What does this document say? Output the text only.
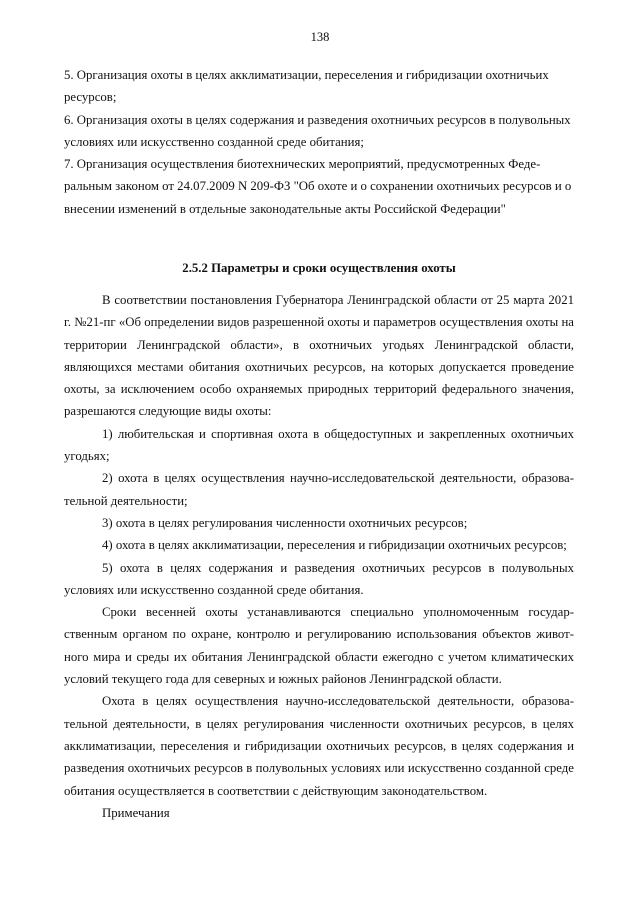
138

5. Организация охоты в целях акклиматизации, переселения и гибридизации охотничьих ресурсов;

6. Организация охоты в целях содержания и разведения охотничьих ресурсов в полувольных условиях или искусственно созданной среде обитания;

7. Организация осуществления биотехнических мероприятий, предусмотренных Федеральным законом от 24.07.2009 N 209-ФЗ "Об охоте и о сохранении охотничьих ресурсов и о внесении изменений в отдельные законодательные акты Российской Федерации"

2.5.2 Параметры и сроки осуществления охоты

В соответствии постановления Губернатора Ленинградской области от 25 марта 2021 г. №21-пг «Об определении видов разрешенной охоты и параметров осуществления охоты на территории Ленинградской области», в охотничьих угодьях Ленинградской области, являющихся местами обитания охотничьих ресурсов, на которых допускается проведение охоты, за исключением особо охраняемых природных территорий федерального значения, разрешаются следующие виды охоты:

1) любительская и спортивная охота в общедоступных и закрепленных охотничьих угодьях;

2) охота в целях осуществления научно-исследовательской деятельности, образовательной деятельности;

3) охота в целях регулирования численности охотничьих ресурсов;

4) охота в целях акклиматизации, переселения и гибридизации охотничьих ресурсов;

5) охота в целях содержания и разведения охотничьих ресурсов в полувольных условиях или искусственно созданной среде обитания.

Сроки весенней охоты устанавливаются специально уполномоченным государственным органом по охране, контролю и регулированию использования объектов животного мира и среды их обитания Ленинградской области ежегодно с учетом климатических условий текущего года для северных и южных районов Ленинградской области.

Охота в целях осуществления научно-исследовательской деятельности, образовательной деятельности, в целях регулирования численности охотничьих ресурсов, в целях акклиматизации, переселения и гибридизации охотничьих ресурсов, в целях содержания и разведения охотничьих ресурсов в полувольных условиях или искусственно созданной среде обитания осуществляется в соответствии с действующим законодательством.

Примечания
